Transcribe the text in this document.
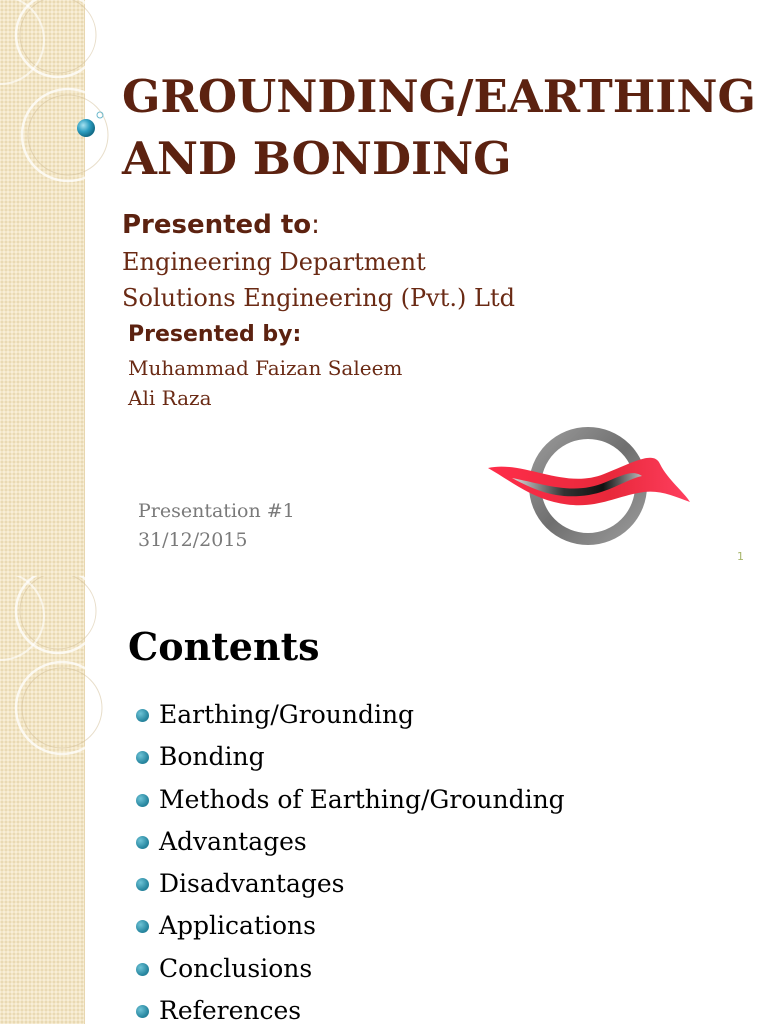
GROUNDING/EARTHING
AND BONDING

Presented to:

Engineering Department

Solutions Engineering (Pvt.) Ltd

Presented by:

Muhammad Faizan Saleem

Ali Raza

Presentation #1

31/12/2015

1
Contents
Earthing/Grounding
Bonding
Methods of Earthing/Grounding
Advantages
Disadvantages
Applications
Conclusions
References
